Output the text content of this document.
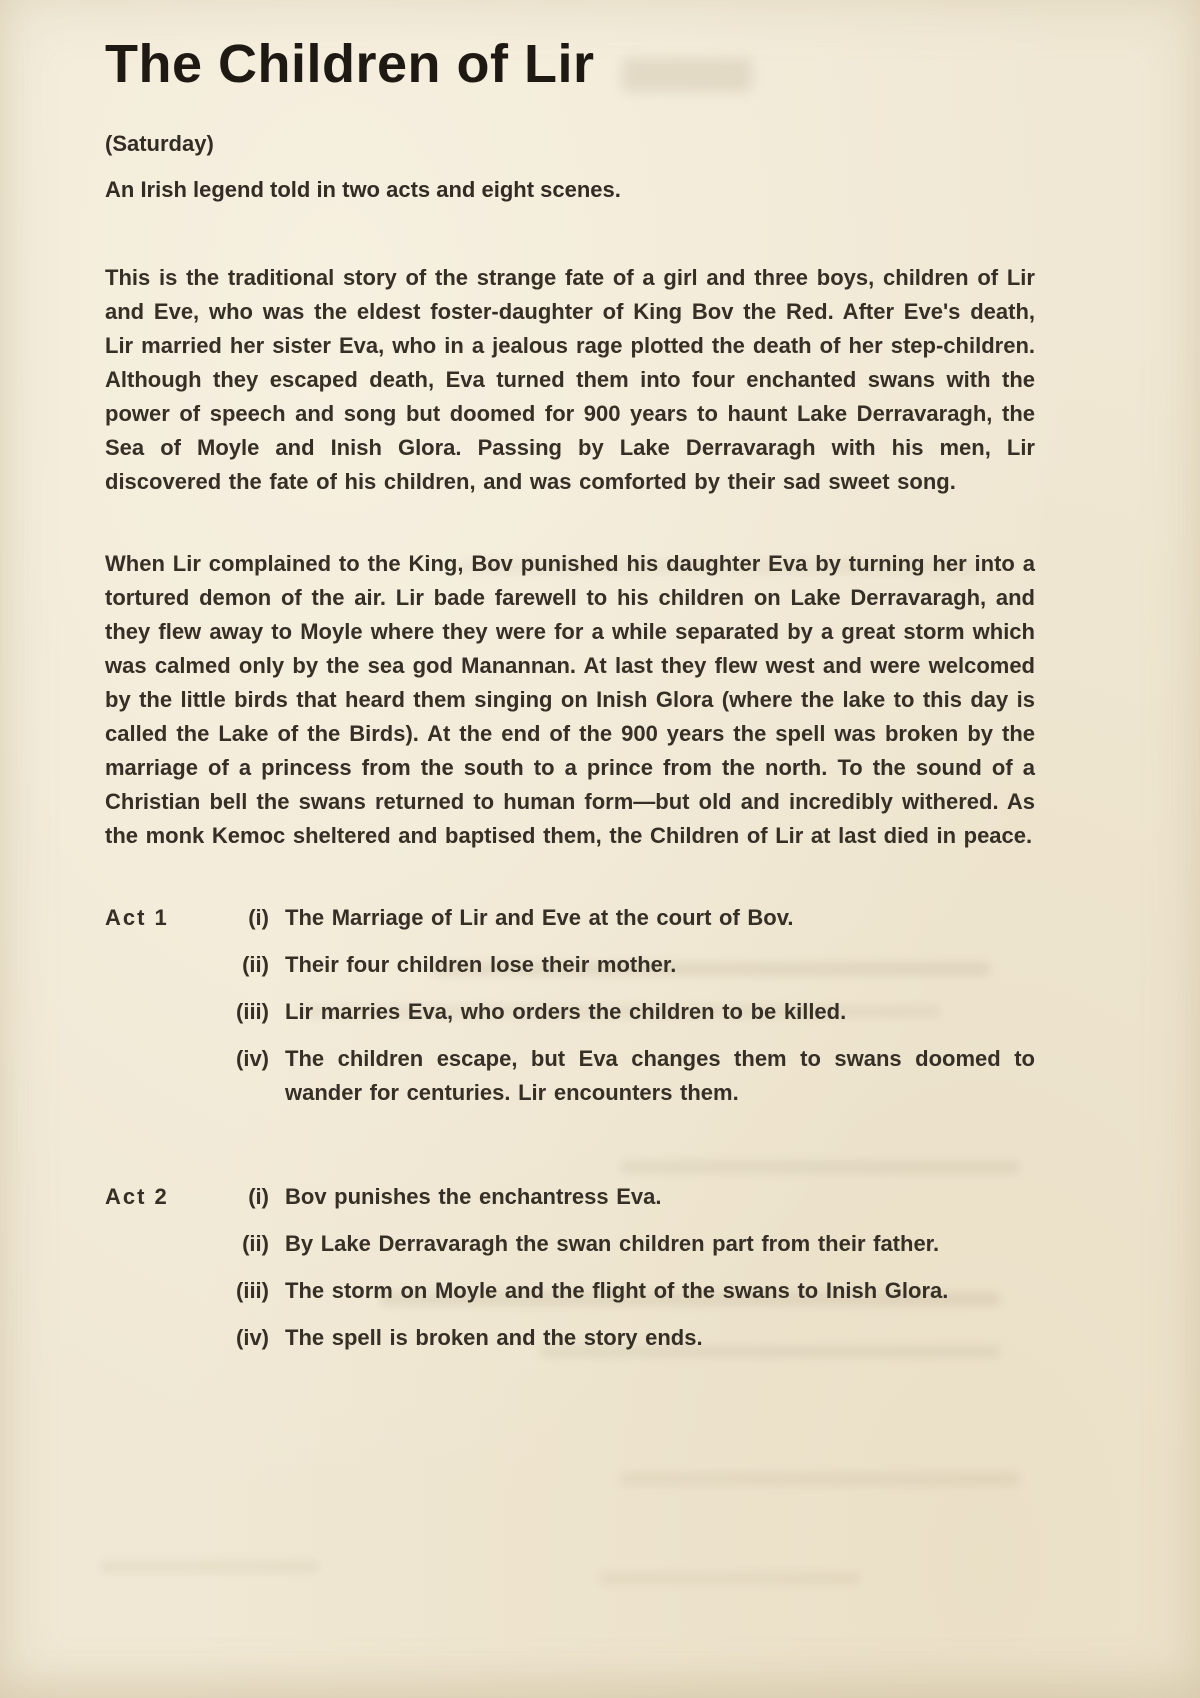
The Children of Lir

(Saturday)

An Irish legend told in two acts and eight scenes.

This is the traditional story of the strange fate of a girl and three boys, children of Lir and Eve, who was the eldest foster-daughter of King Bov the Red. After Eve's death, Lir married her sister Eva, who in a jealous rage plotted the death of her step-children. Although they escaped death, Eva turned them into four enchanted swans with the power of speech and song but doomed for 900 years to haunt Lake Derravaragh, the Sea of Moyle and Inish Glora. Passing by Lake Derravaragh with his men, Lir discovered the fate of his children, and was comforted by their sad sweet song.

When Lir complained to the King, Bov punished his daughter Eva by turning her into a tortured demon of the air. Lir bade farewell to his children on Lake Derravaragh, and they flew away to Moyle where they were for a while separated by a great storm which was calmed only by the sea god Manannan. At last they flew west and were welcomed by the little birds that heard them singing on Inish Glora (where the lake to this day is called the Lake of the Birds). At the end of the 900 years the spell was broken by the marriage of a princess from the south to a prince from the north. To the sound of a Christian bell the swans returned to human form—but old and incredibly withered. As the monk Kemoc sheltered and baptised them, the Children of Lir at last died in peace.

Act 1	(i) The Marriage of Lir and Eve at the court of Bov.
(ii) Their four children lose their mother.
(iii) Lir marries Eva, who orders the children to be killed.
(iv) The children escape, but Eva changes them to swans doomed to wander for centuries. Lir encounters them.
Act 2	(i) Bov punishes the enchantress Eva.
(ii) By Lake Derravaragh the swan children part from their father.
(iii) The storm on Moyle and the flight of the swans to Inish Glora.
(iv) The spell is broken and the story ends.
